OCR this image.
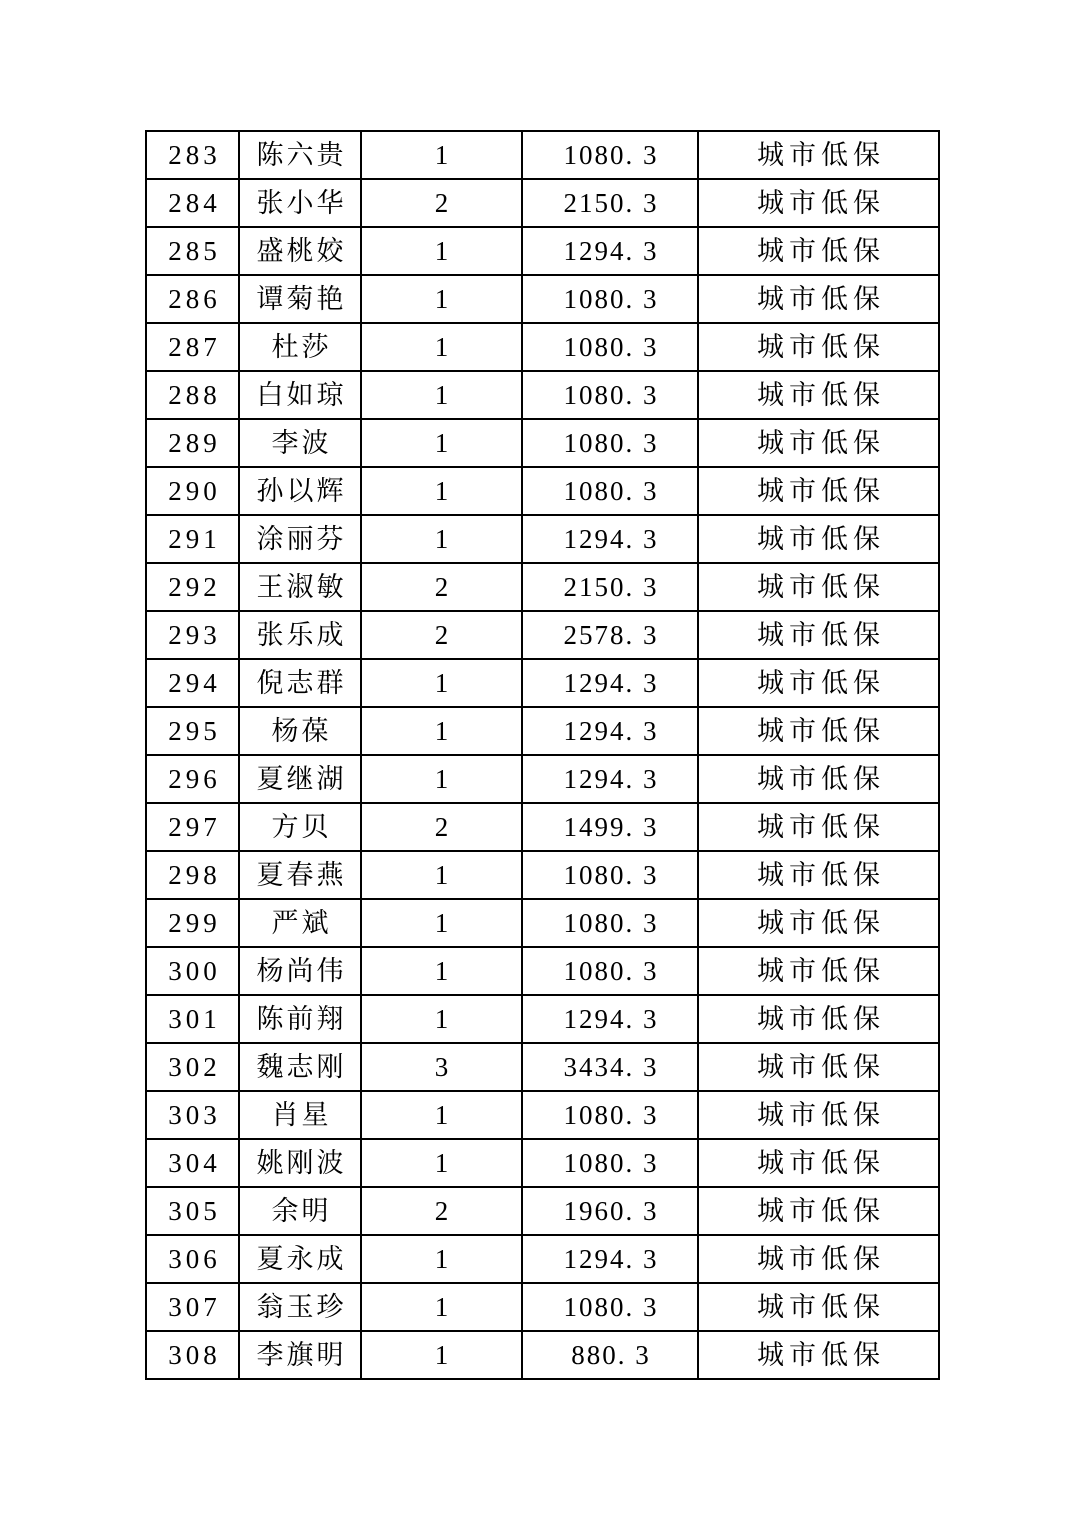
283	陈六贵	1	1080. 3	城市低保
284	张小华	2	2150. 3	城市低保
285	盛桃姣	1	1294. 3	城市低保
286	谭菊艳	1	1080. 3	城市低保
287	杜莎	1	1080. 3	城市低保
288	白如琼	1	1080. 3	城市低保
289	李波	1	1080. 3	城市低保
290	孙以辉	1	1080. 3	城市低保
291	涂丽芬	1	1294. 3	城市低保
292	王淑敏	2	2150. 3	城市低保
293	张乐成	2	2578. 3	城市低保
294	倪志群	1	1294. 3	城市低保
295	杨葆	1	1294. 3	城市低保
296	夏继湖	1	1294. 3	城市低保
297	方贝	2	1499. 3	城市低保
298	夏春燕	1	1080. 3	城市低保
299	严斌	1	1080. 3	城市低保
300	杨尚伟	1	1080. 3	城市低保
301	陈前翔	1	1294. 3	城市低保
302	魏志刚	3	3434. 3	城市低保
303	肖星	1	1080. 3	城市低保
304	姚刚波	1	1080. 3	城市低保
305	余明	2	1960. 3	城市低保
306	夏永成	1	1294. 3	城市低保
307	翁玉珍	1	1080. 3	城市低保
308	李旗明	1	880. 3	城市低保
